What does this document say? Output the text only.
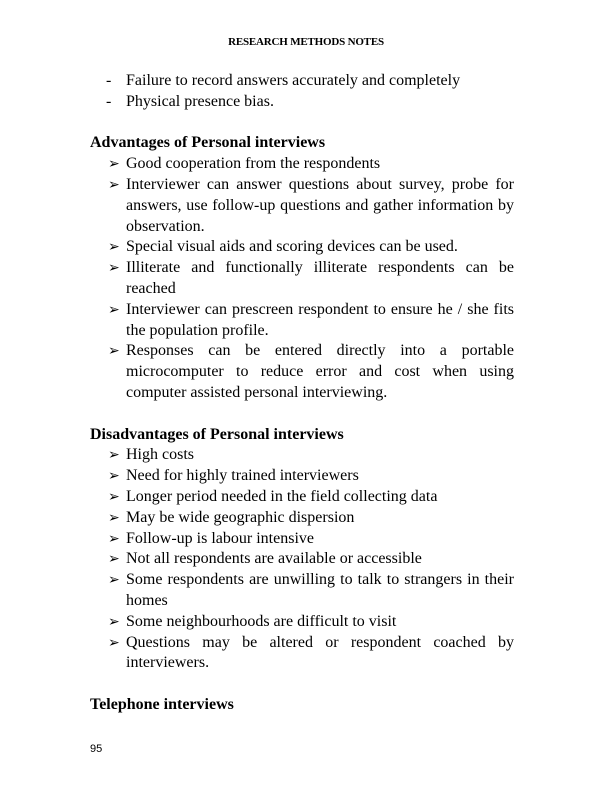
RESEARCH METHODS NOTES
- Failure to record answers accurately and completely
- Physical presence bias.

Advantages of Personal interviews

➢ Good cooperation from the respondents
➢ Interviewer can answer questions about survey, probe for answers, use follow-up questions and gather information by observation.
➢ Special visual aids and scoring devices can be used.
➢ Illiterate and functionally illiterate respondents can be reached
➢ Interviewer can prescreen respondent to ensure he / she fits the population profile.
➢ Responses can be entered directly into a portable microcomputer to reduce error and cost when using computer assisted personal interviewing.

Disadvantages of Personal interviews

➢ High costs
➢ Need for highly trained interviewers
➢ Longer period needed in the field collecting data
➢ May be wide geographic dispersion
➢ Follow-up is labour intensive
➢ Not all respondents are available or accessible
➢ Some respondents are unwilling to talk to strangers in their homes
➢ Some neighbourhoods are difficult to visit
➢ Questions may be altered or respondent coached by interviewers.

Telephone interviews

95
